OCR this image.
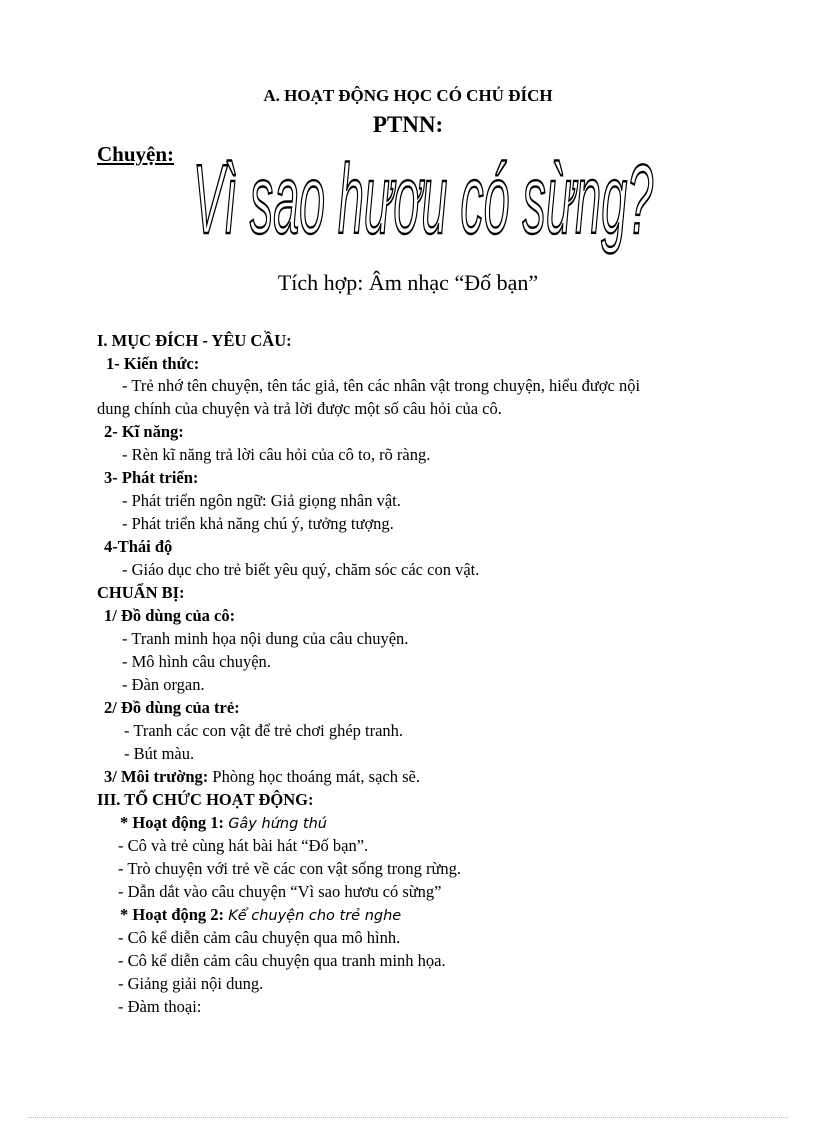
A. HOẠT ĐỘNG HỌC CÓ CHỦ ĐÍCH
PTNN:
Chuyện: Vì sao hươu có sừng?
Tích hợp: Âm nhạc “Đố bạn”
I. MỤC ĐÍCH - YÊU CẦU:
1- Kiến thức:
- Trẻ nhớ tên chuyện, tên tác giả, tên các nhân vật trong chuyện, hiểu được nội
dung chính của chuyện và trả lời được một số câu hỏi của cô.
2- Kĩ năng:
- Rèn kĩ năng trả lời câu hỏi của cô to, rõ ràng.
3- Phát triển:
- Phát triển ngôn ngữ: Giả giọng nhân vật.
- Phát triển khả năng chú ý, tưởng tượng.
4-Thái độ
- Giáo dục cho trẻ biết yêu quý, chăm sóc các con vật.
CHUẨN BỊ:
1/ Đồ dùng của cô:
- Tranh minh họa nội dung của câu chuyện.
- Mô hình câu chuyện.
- Đàn organ.
2/ Đồ dùng của trẻ:
- Tranh các con vật để trẻ chơi ghép tranh.
- Bút màu.
3/ Môi trường: Phòng học thoáng mát, sạch sẽ.
III. TỔ CHỨC HOẠT ĐỘNG:
* Hoạt động 1: Gây hứng thú
- Cô và trẻ cùng hát bài hát “Đố bạn”.
- Trò chuyện với trẻ về các con vật sống trong rừng.
- Dẫn dắt vào câu chuyện “Vì sao hươu có sừng”
* Hoạt động 2: Kể chuyện cho trẻ nghe
- Cô kể diễn cảm câu chuyện qua mô hình.
- Cô kể diễn cảm câu chuyện qua tranh minh họa.
- Giảng giải nội dung.
- Đàm thoại:
